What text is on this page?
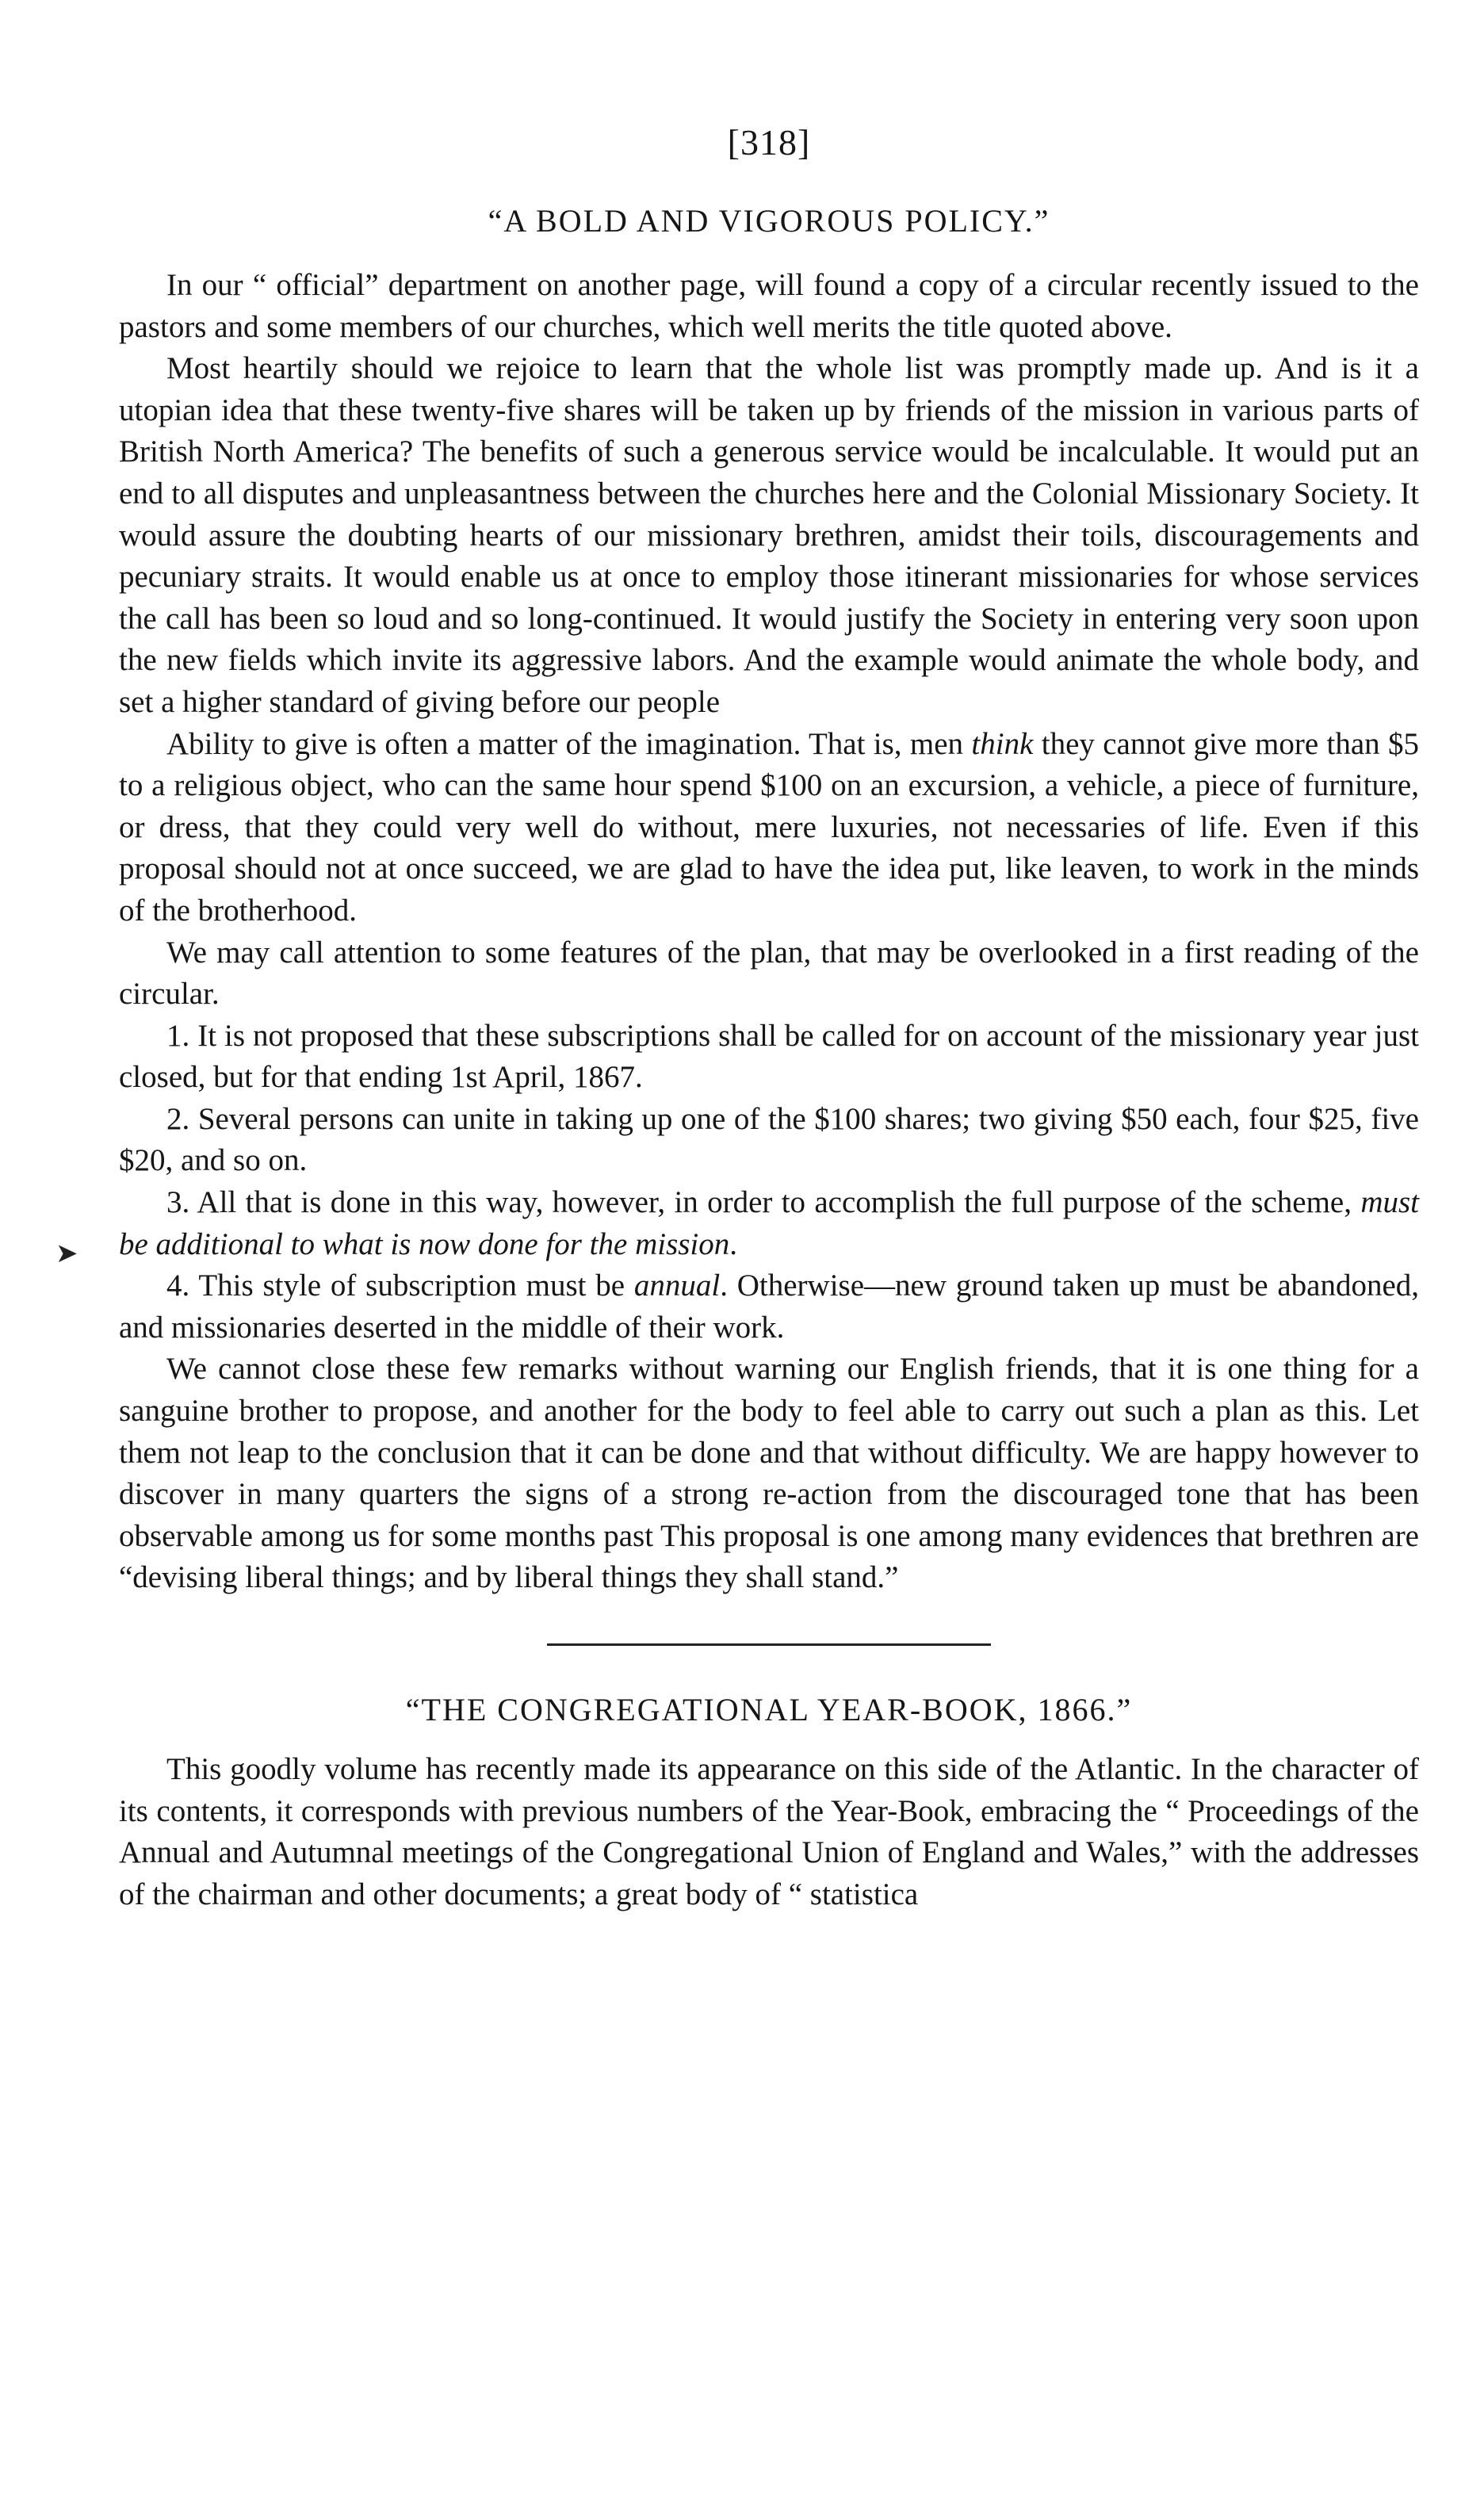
[318]
“A BOLD AND VIGOROUS POLICY.”

In our “ official” department on another page, will found a copy of a circular recently issued to the pastors and some members of our churches, which well merits the title quoted above.

Most heartily should we rejoice to learn that the whole list was promptly made up. And is it a utopian idea that these twenty-five shares will be taken up by friends of the mission in various parts of British North America? The benefits of such a generous service would be incalculable. It would put an end to all disputes and unpleasantness between the churches here and the Colonial Missionary Society. It would assure the doubting hearts of our missionary brethren, amidst their toils, discouragements and pecuniary straits. It would enable us at once to employ those itinerant missionaries for whose services the call has been so loud and so long-continued. It would justify the Society in entering very soon upon the new fields which invite its aggressive labors. And the example would animate the whole body, and set a higher standard of giving before our people

Ability to give is often a matter of the imagination. That is, men think they cannot give more than $5 to a religious object, who can the same hour spend $100 on an excursion, a vehicle, a piece of furniture, or dress, that they could very well do without, mere luxuries, not necessaries of life. Even if this proposal should not at once succeed, we are glad to have the idea put, like leaven, to work in the minds of the brotherhood.

We may call attention to some features of the plan, that may be overlooked in a first reading of the circular.

1. It is not proposed that these subscriptions shall be called for on account of the missionary year just closed, but for that ending 1st April, 1867.

2. Several persons can unite in taking up one of the $100 shares; two giving $50 each, four $25, five $20, and so on.

3. All that is done in this way, however, in order to accomplish the full purpose of the scheme, must be additional to what is now done for the mission.

4. This style of subscription must be annual. Otherwise—new ground taken up must be abandoned, and missionaries deserted in the middle of their work.

We cannot close these few remarks without warning our English friends, that it is one thing for a sanguine brother to propose, and another for the body to feel able to carry out such a plan as this. Let them not leap to the conclusion that it can be done and that without difficulty. We are happy however to discover in many quarters the signs of a strong re-action from the discouraged tone that has been observable among us for some months past This proposal is one among many evidences that brethren are “devising liberal things; and by liberal things they shall stand.”

“THE CONGREGATIONAL YEAR-BOOK, 1866.”

This goodly volume has recently made its appearance on this side of the Atlantic. In the character of its contents, it corresponds with previous numbers of the Year-Book, embracing the “ Proceedings of the Annual and Autumnal meetings of the Congregational Union of England and Wales,” with the addresses of the chairman and other documents; a great body of “ statistica

➤
